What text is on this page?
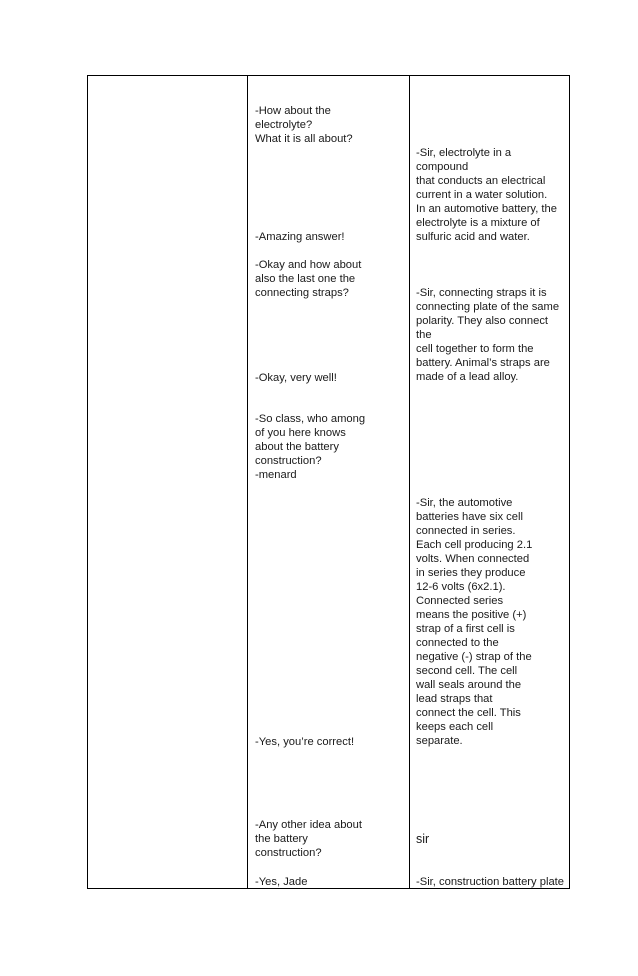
-How about the
electrolyte?
What it is all about?
-Amazing answer!
-Okay and how about
also the last one the
connecting straps?
-Okay, very well!
-So class, who among
of you here knows
about the battery
construction?
-menard
-Yes, you’re correct!
-Any other idea about
the battery
construction?
-Yes, Jade
-Sir, electrolyte in a compound
that conducts an electrical
current in a water solution.
In an automotive battery, the
electrolyte is a mixture of
sulfuric acid and water.
-Sir, connecting straps it is
connecting plate of the same
polarity. They also connect the
cell together to form the
battery. Animal’s straps are
made of a lead alloy.
-Sir, the automotive
batteries have six cell
connected in series.
Each cell producing 2.1
volts. When connected
in series they produce
12-6 volts (6x2.1).
Connected series
means the positive (+)
strap of a first cell is
connected to the
negative (-) strap of the
second cell. The cell
wall seals around the
lead straps that
connect the cell. This
keeps each cell
separate.
sir
-Sir, construction battery plate
